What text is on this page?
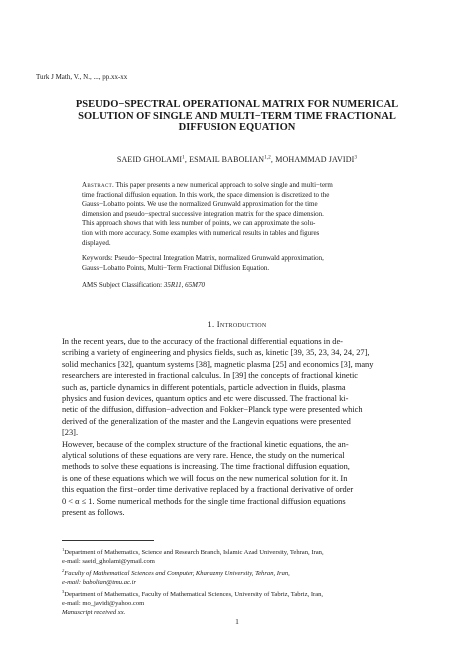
Turk J Math, V., N., ..., pp.xx-xx
PSEUDO−SPECTRAL OPERATIONAL MATRIX FOR NUMERICAL
SOLUTION OF SINGLE AND MULTI−TERM TIME FRACTIONAL
DIFFUSION EQUATION
SAEID GHOLAMI$^1$, ESMAIL BABOLIAN$^{1,2}$, MOHAMMAD JAVIDI$^3$
Abstract. This paper presents a new numerical approach to solve single and multi−term
time fractional diffusion equation. In this work, the space dimension is discretized to the
Gauss−Lobatto points. We use the normalized Grunwald approximation for the time
dimension and pseudo−spectral successive integration matrix for the space dimension.
This approach shows that with less number of points, we can approximate the solu-
tion with more accuracy. Some examples with numerical results in tables and figures
displayed.
Keywords: Pseudo−Spectral Integration Matrix, normalized Grunwald approximation,
Gauss−Lobatto Points, Multi−Term Fractional Diffusion Equation.
AMS Subject Classification: 35R11, 65M70
1. Introduction
In the recent years, due to the accuracy of the fractional differential equations in de-
scribing a variety of engineering and physics fields, such as, kinetic [39, 35, 23, 34, 24, 27],
solid mechanics [32], quantum systems [38], magnetic plasma [25] and economics [3], many
researchers are interested in fractional calculus. In [39] the concepts of fractional kinetic
such as, particle dynamics in different potentials, particle advection in fluids, plasma
physics and fusion devices, quantum optics and etc were discussed. The fractional ki-
netic of the diffusion, diffusion−advection and Fokker−Planck type were presented which
derived of the generalization of the master and the Langevin equations were presented
[23].
However, because of the complex structure of the fractional kinetic equations, the an-
alytical solutions of these equations are very rare. Hence, the study on the numerical
methods to solve these equations is increasing. The time fractional diffusion equation,
is one of these equations which we will focus on the new numerical solution for it. In
this equation the first−order time derivative replaced by a fractional derivative of order
0 < α ≤ 1. Some numerical methods for the single time fractional diffusion equations
present as follows.
$^1$Department of Mathematics, Science and Research Branch, Islamic Azad University, Tehran, Iran,
e-mail: saeid_gholami@ymail.com
$^2$Faculty of Mathematical Sciences and Computer, Kharazmy University, Tehran, Iran,
e-mail: babolian@tmu.ac.ir
$^3$Department of Mathematics, Faculty of Mathematical Sciences, University of Tabriz, Tabriz, Iran,
e-mail: mo_javidi@yahoo.com
Manuscript received xx.
1
